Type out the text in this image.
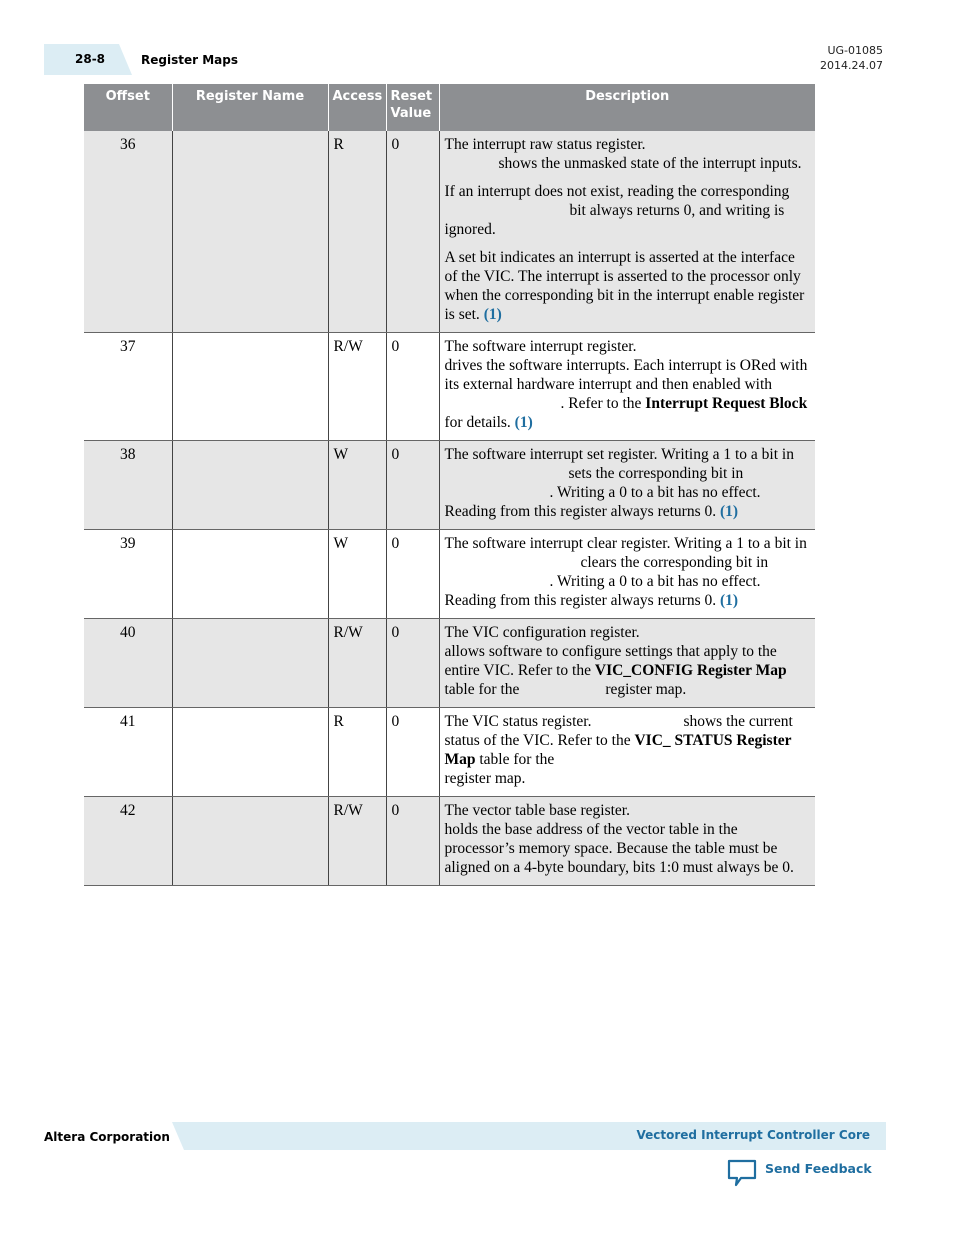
28-8	Register Maps
UG-01085
2014.24.07
Offset	Register Name	Access	Reset Value	Description
36		R	0	The interrupt raw status register.
shows the unmasked state of the interrupt inputs.

If an interrupt does not exist, reading the correspondingbit always returns 0, and writing is ignored.

A set bit indicates an interrupt is asserted at the interface of the VIC. The interrupt is asserted to the processor only when the corresponding bit in the interrupt enable register is set. (1)

37		R/W	0	The software interrupt register.
drives the software interrupts. Each interrupt is ORed with its external hardware interrupt and then enabled with. Refer to the Interrupt Request Block for details. (1)
38		W	0	The software interrupt set register. Writing a 1 to a bit insets the corresponding bit in. Writing a 0 to a bit has no effect. Reading from this register always returns 0. (1)
39		W	0	The software interrupt clear register. Writing a 1 to a bit inclears the corresponding bit in. Writing a 0 to a bit has no effect. Reading from this register always returns 0. (1)
40		R/W	0	The VIC configuration register.
allows software to configure settings that apply to the entire VIC. Refer to the VIC_CONFIG Register Map table for the register map.
41		R	0	The VIC status register. shows the current status of the VIC. Refer to the VIC_ STATUS Register Map table for the
register map.
42		R/W	0	The vector table base register.
holds the base address of the vector table in the processor’s memory space. Because the table must be aligned on a 4-byte boundary, bits 1:0 must always be 0.
Altera Corporation	Vectored Interrupt Controller Core
Send Feedback
